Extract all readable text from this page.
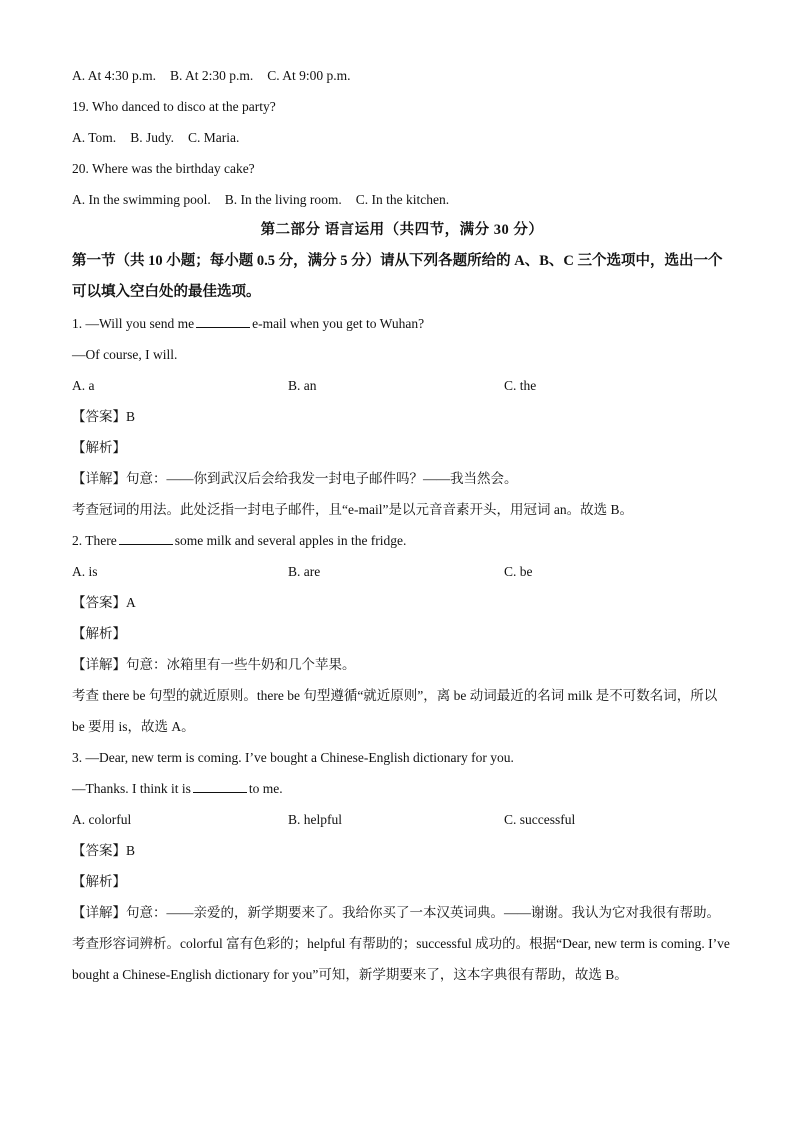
A. At 4:30 p.m. B. At 2:30 p.m. C. At 9:00 p.m.
19. Who danced to disco at the party?
A. Tom. B. Judy. C. Maria.
20. Where was the birthday cake?
A. In the swimming pool. B. In the living room. C. In the kitchen.
第二部分 语言运用（共四节，满分 30 分）
第一节（共 10 小题；每小题 0.5 分，满分 5 分）请从下列各题所给的 A、B、C 三个选项中，选出一个可以填入空白处的最佳选项。
1. —Will you send me	e-mail when you get to Wuhan?
—Of course, I will.
A. a	B. an	C. the
【答案】B
【解析】
【详解】句意：——你到武汉后会给我发一封电子邮件吗？——我当然会。
考查冠词的用法。此处泛指一封电子邮件，且“e-mail”是以元音音素开头，用冠词 an。故选 B。
2. There	some milk and several apples in the fridge.
A. is	B. are	C. be
【答案】A
【解析】
【详解】句意：冰箱里有一些牛奶和几个苹果。
考查 there be 句型的就近原则。there be 句型遵循“就近原则”，离 be 动词最近的名词 milk 是不可数名词，所以 be 要用 is，故选 A。
3. —Dear, new term is coming. I’ve bought a Chinese-English dictionary for you.
—Thanks. I think it is	to me.
A. colorful	B. helpful	C. successful
【答案】B
【解析】
【详解】句意：——亲爱的，新学期要来了。我给你买了一本汉英词典。——谢谢。我认为它对我很有帮助。
考查形容词辨析。colorful 富有色彩的；helpful 有帮助的；successful 成功的。根据“Dear, new term is coming. I’ve bought a Chinese-English dictionary for you”可知，新学期要来了，这本字典很有帮助，故选 B。
